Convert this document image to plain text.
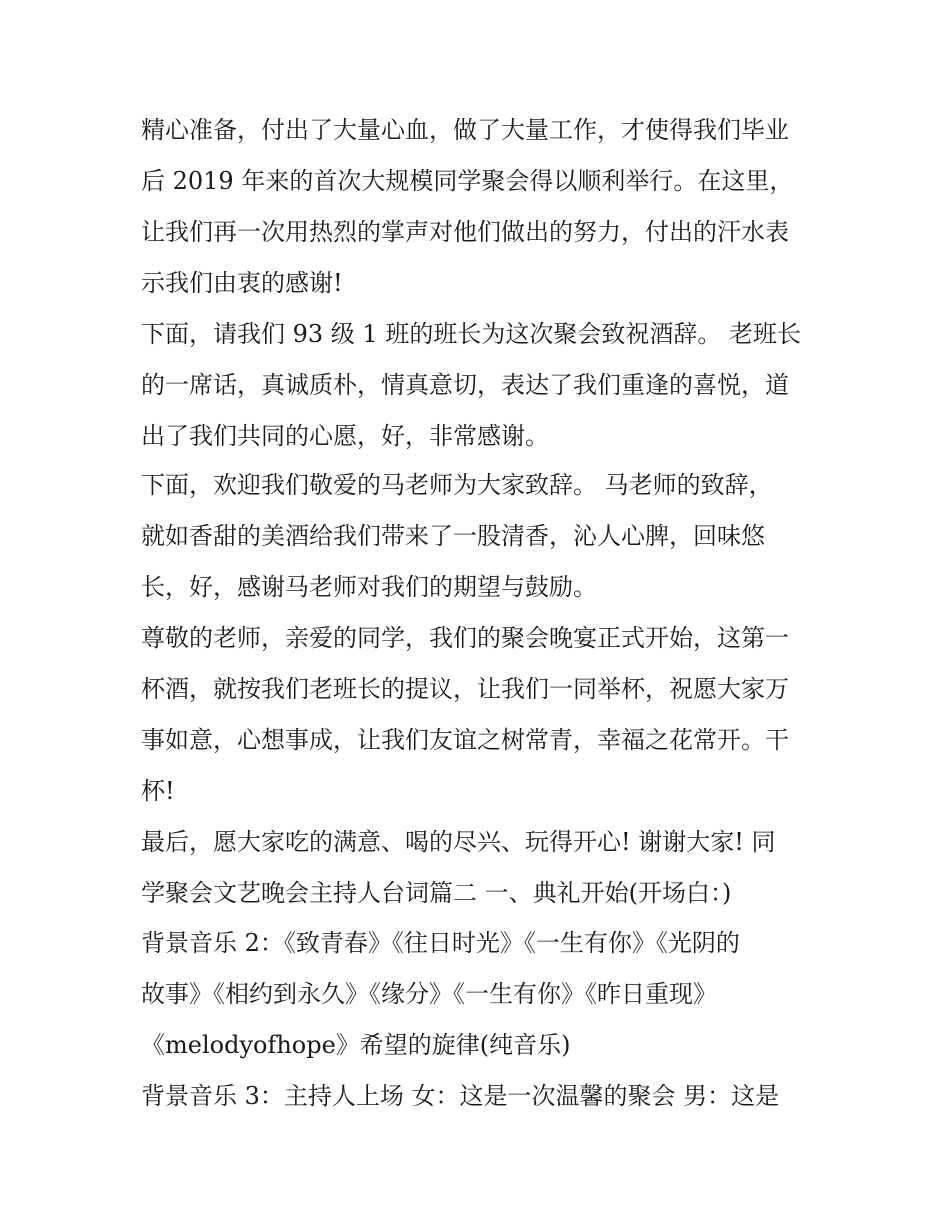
精心准备，付出了大量心血，做了大量工作，才使得我们毕业
后 2019 年来的首次大规模同学聚会得以顺利举行。在这里，
让我们再一次用热烈的掌声对他们做出的努力，付出的汗水表
示我们由衷的感谢!
下面，请我们 93 级 1 班的班长为这次聚会致祝酒辞。 老班长
的一席话，真诚质朴，情真意切，表达了我们重逢的喜悦，道
出了我们共同的心愿，好，非常感谢。
下面，欢迎我们敬爱的马老师为大家致辞。 马老师的致辞，
就如香甜的美酒给我们带来了一股清香，沁人心脾，回味悠
长，好，感谢马老师对我们的期望与鼓励。
尊敬的老师，亲爱的同学，我们的聚会晚宴正式开始，这第一
杯酒，就按我们老班长的提议，让我们一同举杯，祝愿大家万
事如意，心想事成，让我们友谊之树常青，幸福之花常开。干
杯!
最后，愿大家吃的满意、喝的尽兴、玩得开心! 谢谢大家! 同
学聚会文艺晚会主持人台词篇二 一、典礼开始(开场白：)
背景音乐 2：《致青春》《往日时光》《一生有你》《光阴的
故事》《相约到永久》《缘分》《一生有你》《昨日重现》
《melodyofhope》希望的旋律(纯音乐)
背景音乐 3：主持人上场 女：这是一次温馨的聚会 男：这是
